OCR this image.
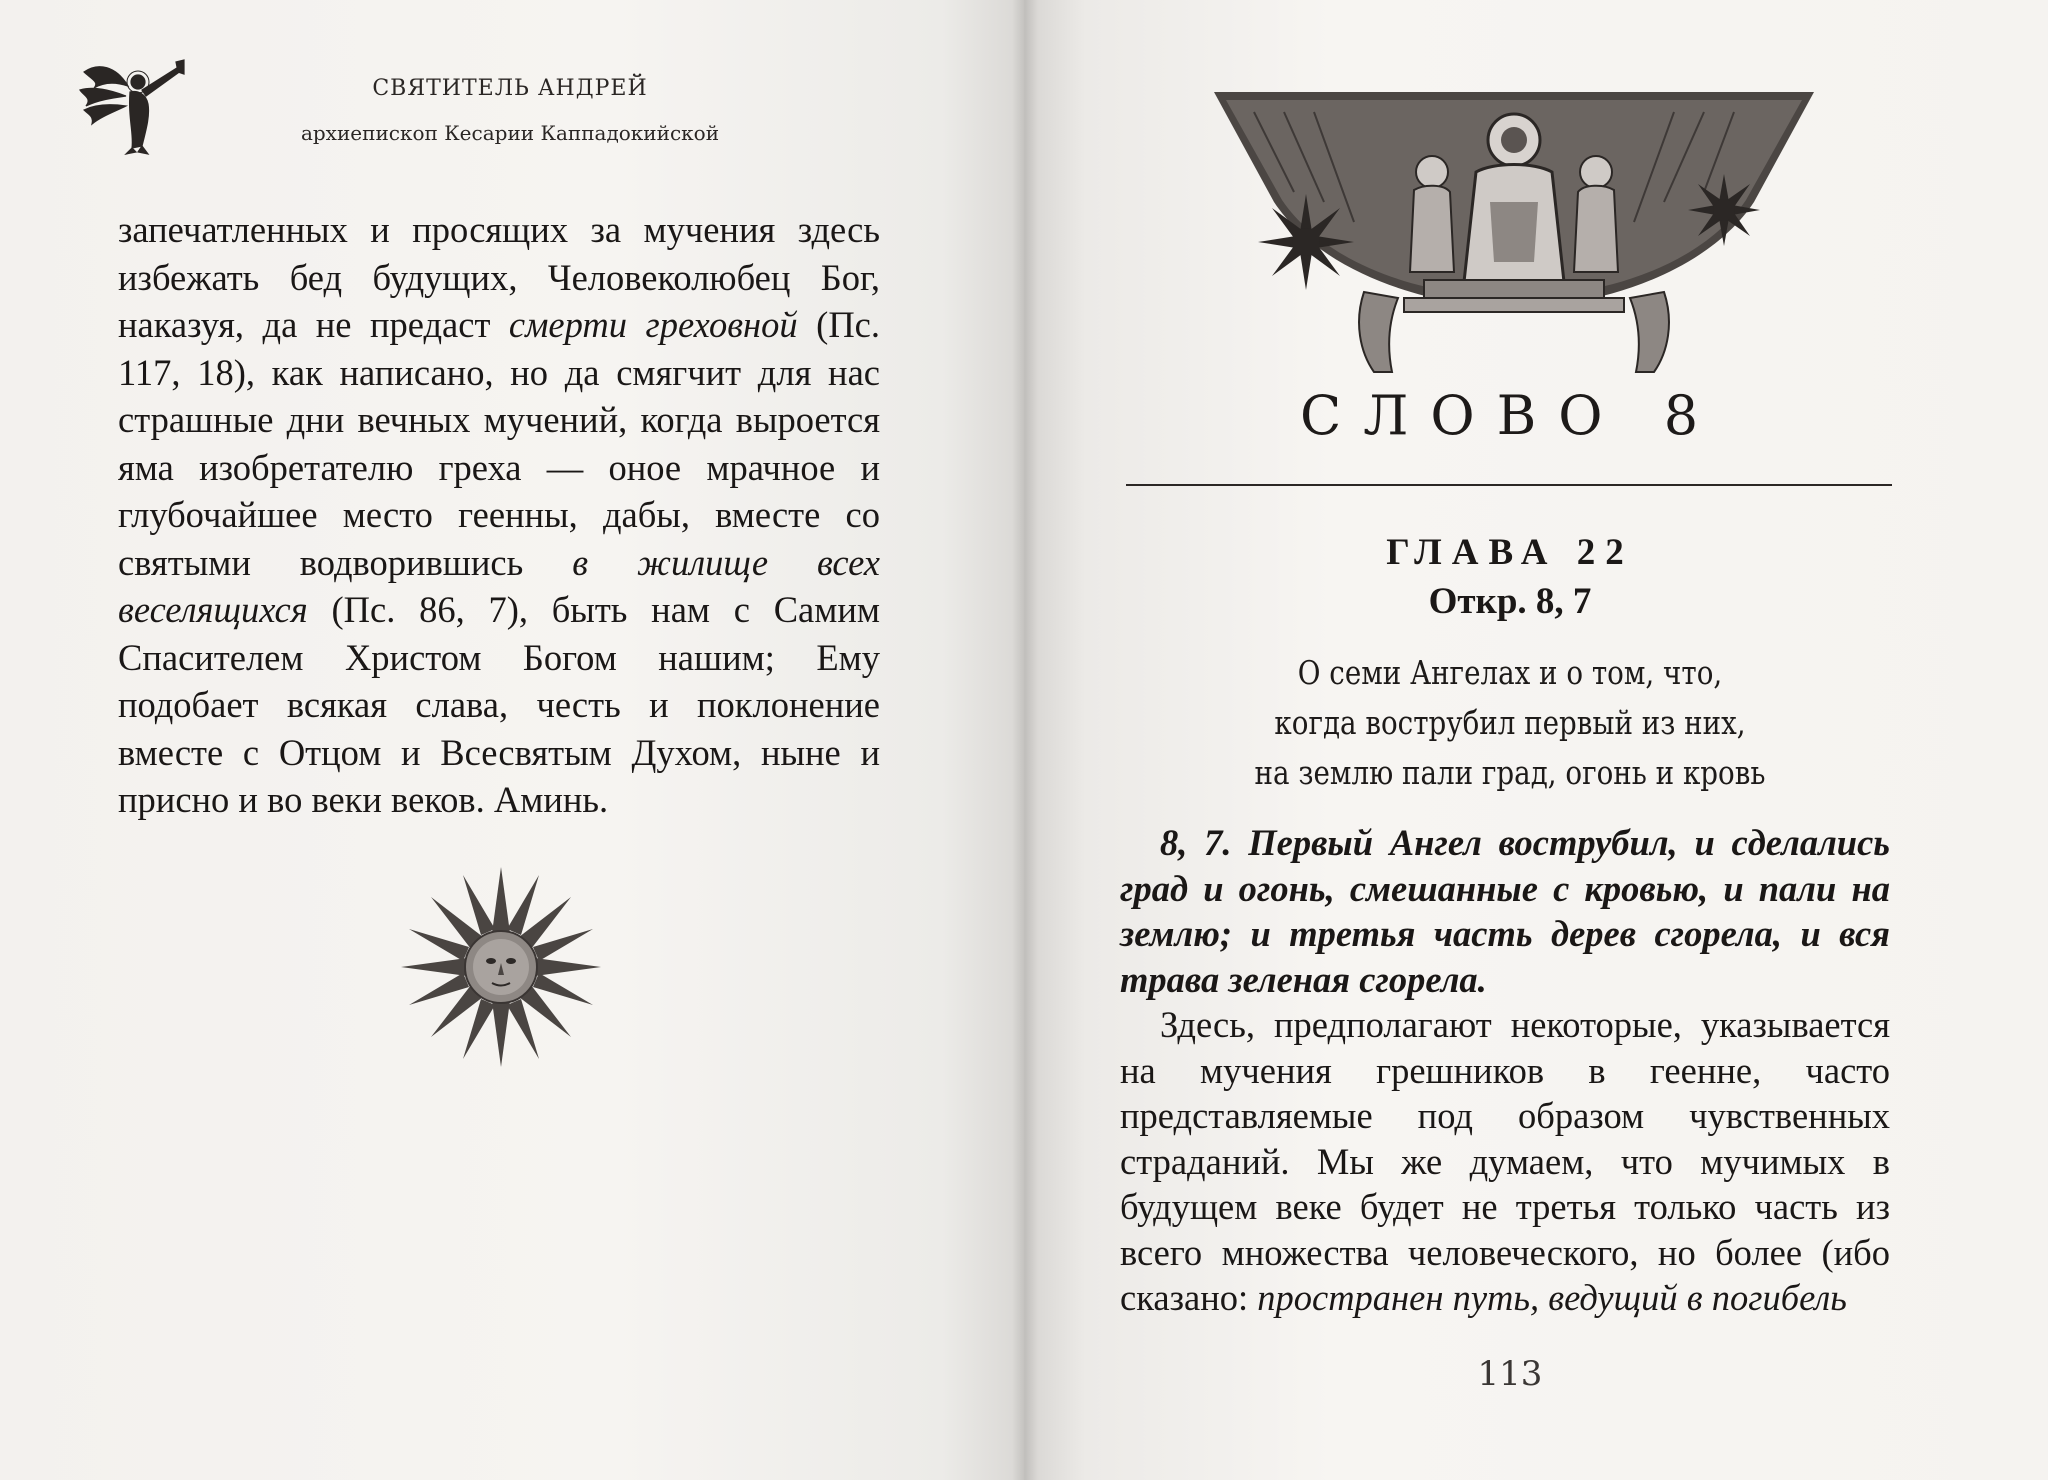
СВЯТИТЕЛЬ АНДРЕЙ
архиепископ Кесарии Каппадокийской
запечатленных и просящих за мучения здесь избежать бед будущих, Человеколюбец Бог, наказуя, да не предаст смерти греховной (Пс. 117, 18), как написано, но да смягчит для нас страшные дни вечных мучений, когда выроется яма изобретателю греха — оное мрачное и глубочайшее место геенны, дабы, вместе со святыми водворившись в жилище всех веселящихся (Пс. 86, 7), быть нам с Самим Спасителем Христом Богом нашим; Ему подобает всякая слава, честь и поклонение вместе с Отцом и Всесвятым Духом, ныне и присно и во веки веков. Аминь.
СЛОВО 8
ГЛАВА 22
Откр. 8, 7
О семи Ангелах и о том, что,
когда вострубил первый из них,
на землю пали град, огонь и кровь

8, 7. Первый Ангел вострубил, и сделались град и огонь, смешанные с кровью, и пали на землю; и третья часть дерев сгорела, и вся трава зеленая сгорела.

Здесь, предполагают некоторые, указывается на мучения грешников в геенне, часто представляемые под образом чувственных страданий. Мы же думаем, что мучимых в будущем веке будет не третья только часть из всего множества человеческого, но более (ибо сказано: пространен путь, ведущий в погибель

113
